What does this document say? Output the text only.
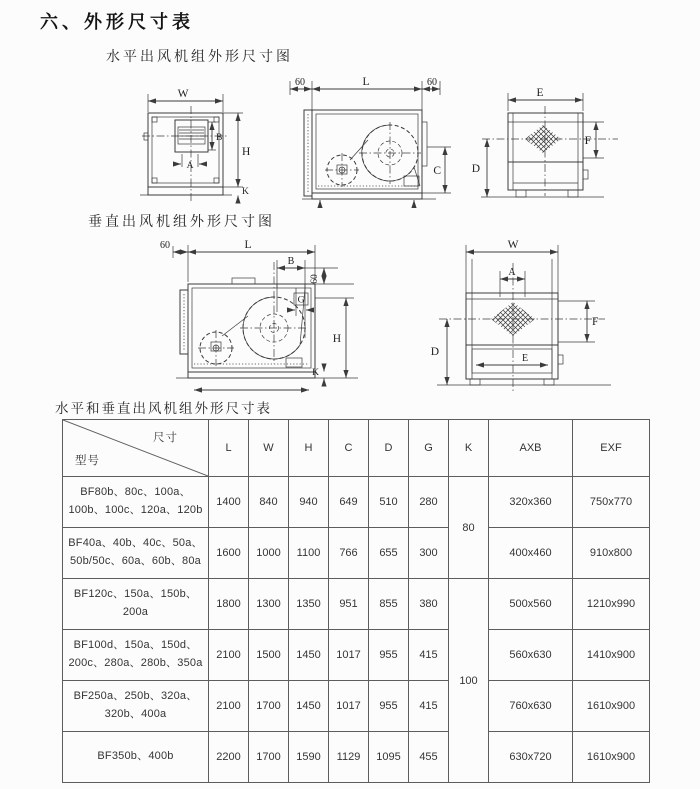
六、外形尺寸表
水平出风机组外形尺寸图
W
B
A
H
K
60	L	60
C
E
F
D
垂直出风机组外形尺寸图
60	L
B
60
G
H
K
W
A
E
F
D
水平和垂直出风机组外形尺寸表
尺寸
型号	L	W	H	C	D	G	K	AXB	EXF
BF80b、80c、100a、100b、100c、120a、120b	1400	840	940	649	510	280	80	320x360	750x770
BF40a、40b、40c、50a、50b/50c、60a、60b、80a	1600	1000	1100	766	655	300		400x460	910x800
BF120c、150a、150b、200a	1800	1300	1350	951	855	380	100	500x560	1210x990
BF100d、150a、150d、200c、280a、280b、350a	2100	1500	1450	1017	955	415		560x630	1410x900
BF250a、250b、320a、320b、400a	2100	1700	1450	1017	955	415		760x630	1610x900
BF350b、400b	2200	1700	1590	1129	1095	455		630x720	1610x900
